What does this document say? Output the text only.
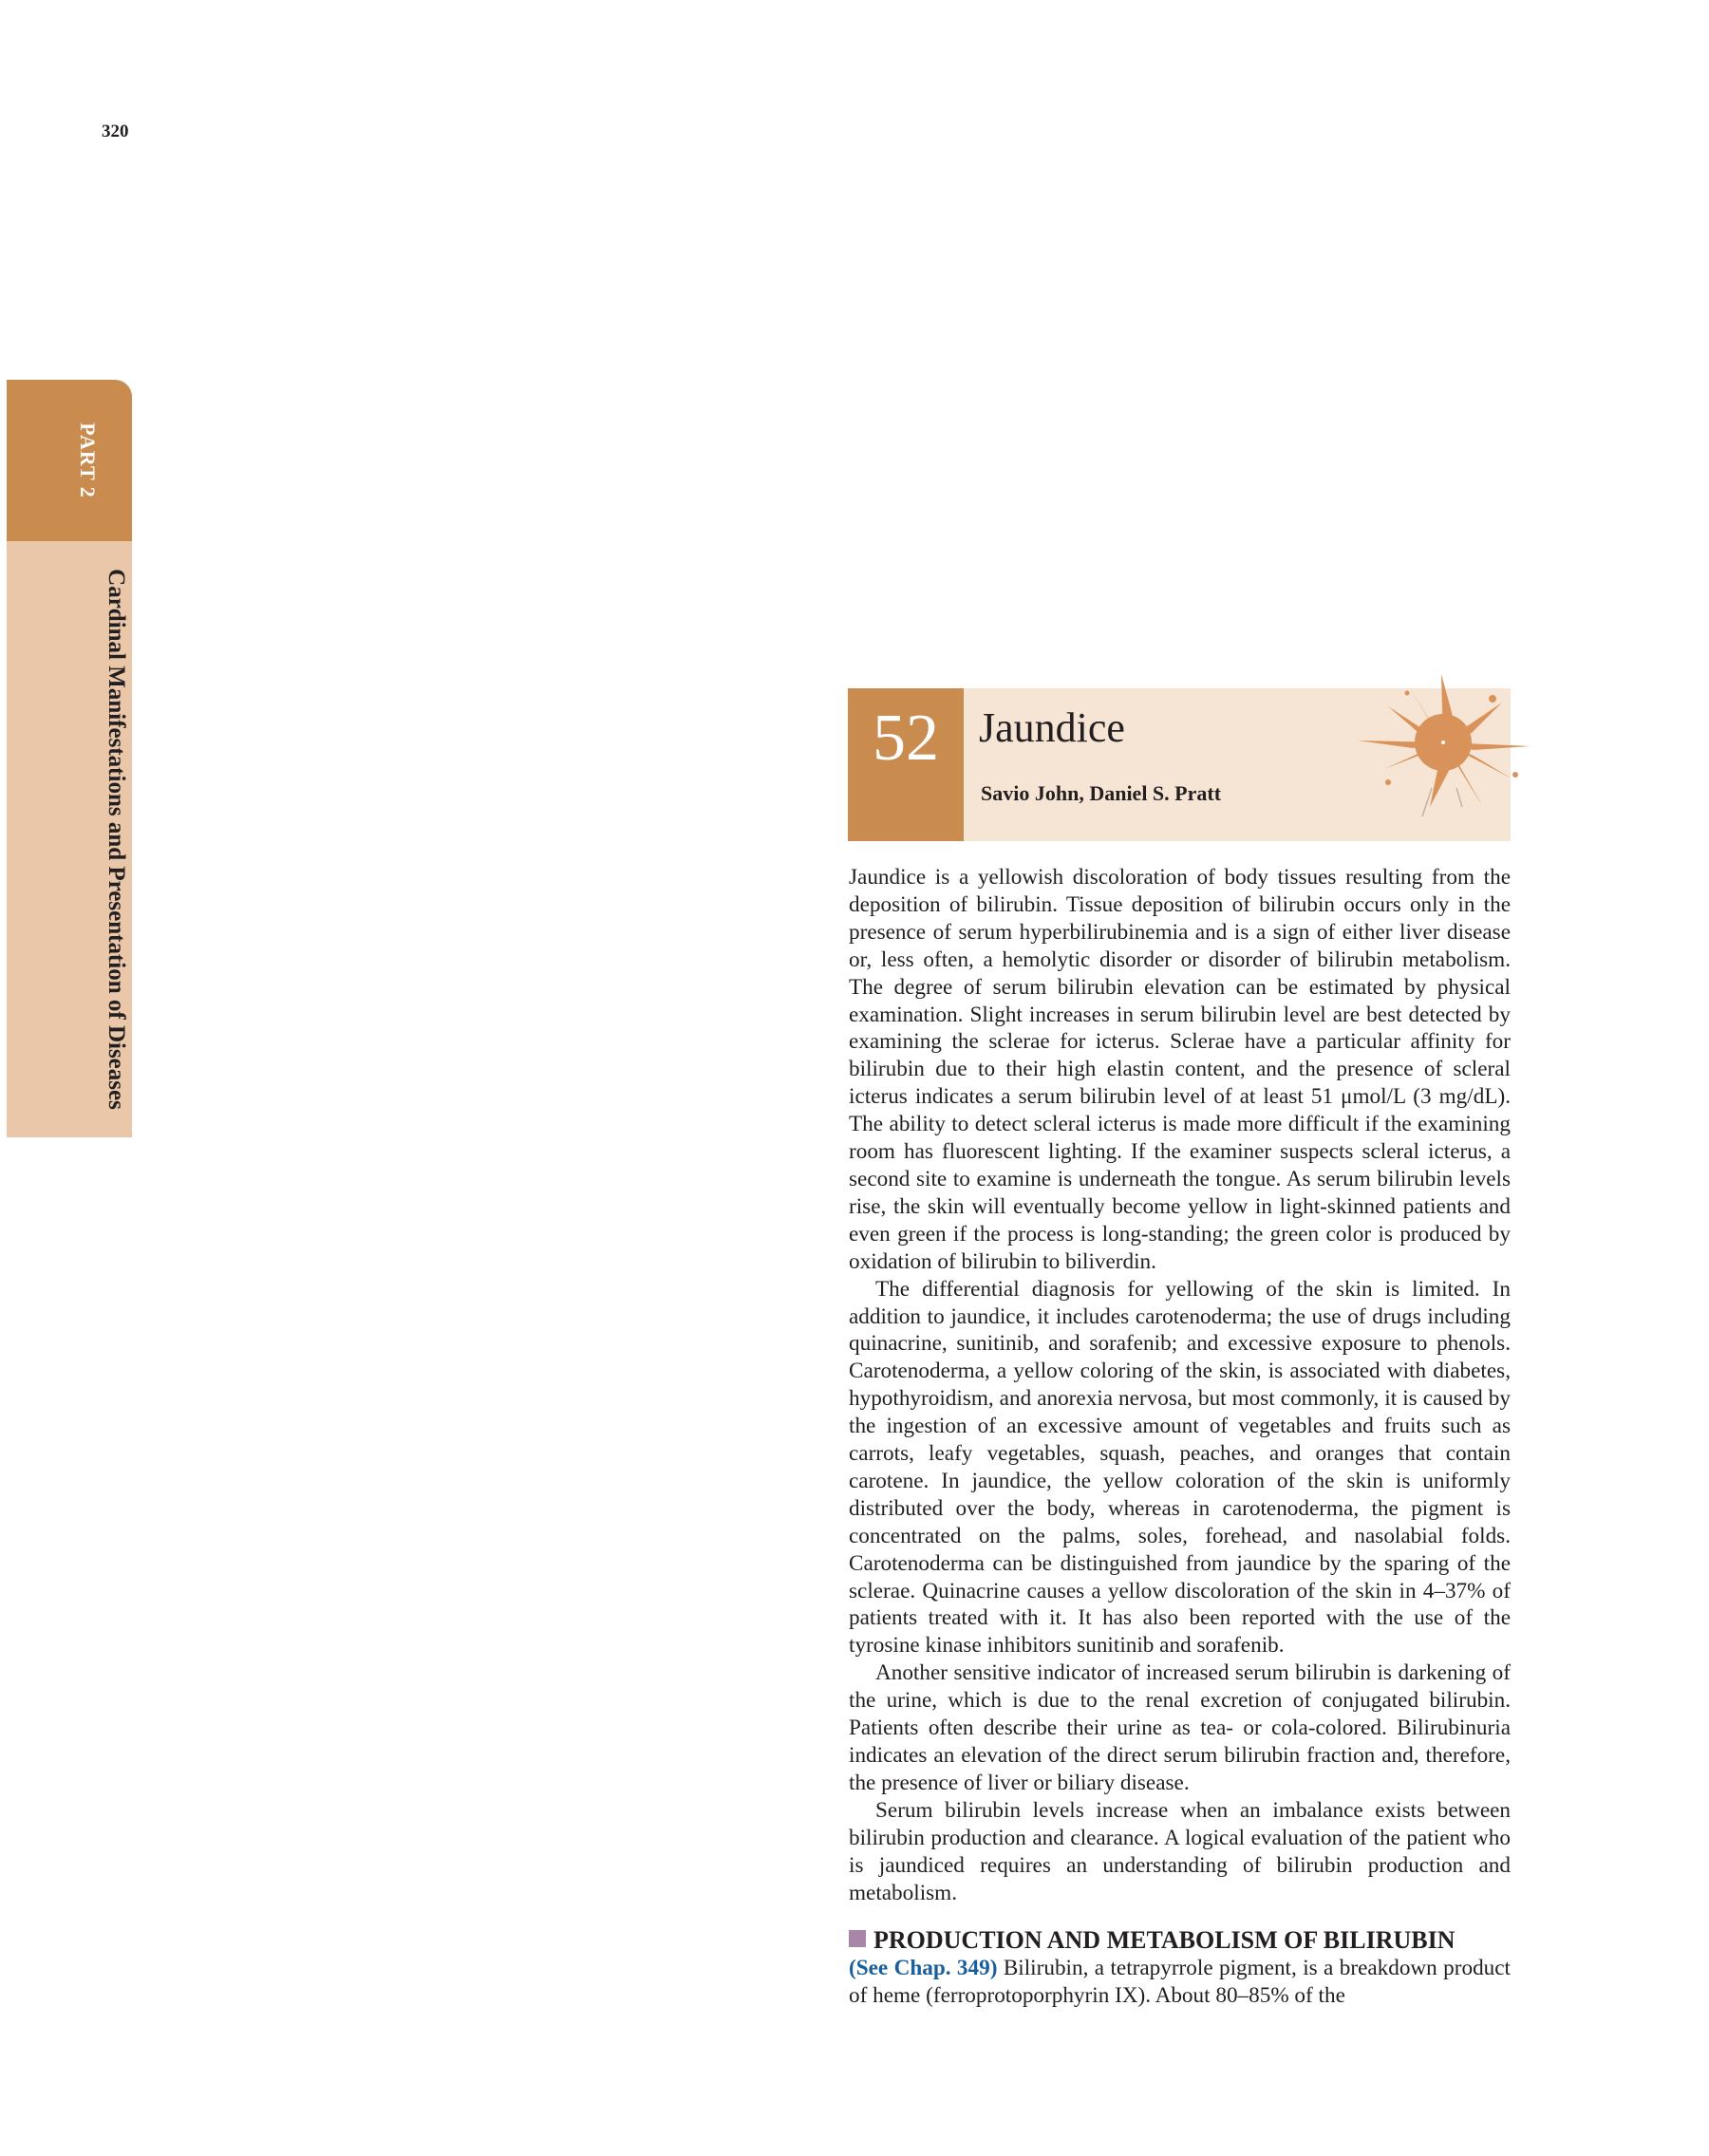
320
PART 2
Cardinal Manifestations and Presentation of Diseases	52 Jaundice
Savio John, Daniel S. Pratt

Jaundice is a yellowish discoloration of body tissues resulting from the deposition of bilirubin. Tissue deposition of bilirubin occurs only in the presence of serum hyperbilirubinemia and is a sign of either liver disease or, less often, a hemolytic disorder or disorder of bilirubin metabolism. The degree of serum bilirubin elevation can be estimated by physical examination. Slight increases in serum bilirubin level are best detected by examining the sclerae for icterus. Sclerae have a particular affinity for bilirubin due to their high elastin content, and the presence of scleral icterus indicates a serum bilirubin level of at least 51 μmol/L (3 mg/dL). The ability to detect scleral icterus is made more difficult if the examining room has fluorescent lighting. If the examiner suspects scleral icterus, a second site to examine is underneath the tongue. As serum bilirubin levels rise, the skin will eventually become yellow in light-skinned patients and even green if the process is long-standing; the green color is produced by oxidation of bilirubin to biliverdin.

The differential diagnosis for yellowing of the skin is limited. In addition to jaundice, it includes carotenoderma; the use of drugs including quinacrine, sunitinib, and sorafenib; and excessive exposure to phenols. Carotenoderma, a yellow coloring of the skin, is associated with diabetes, hypothyroidism, and anorexia nervosa, but most commonly, it is caused by the ingestion of an excessive amount of vegetables and fruits such as carrots, leafy vegetables, squash, peaches, and oranges that contain carotene. In jaundice, the yellow coloration of the skin is uniformly distributed over the body, whereas in carotenoderma, the pigment is concentrated on the palms, soles, forehead, and nasolabial folds. Carotenoderma can be distinguished from jaundice by the sparing of the sclerae. Quinacrine causes a yellow discoloration of the skin in 4–37% of patients treated with it. It has also been reported with the use of the tyrosine kinase inhibitors sunitinib and sorafenib.

Another sensitive indicator of increased serum bilirubin is darkening of the urine, which is due to the renal excretion of conjugated bilirubin. Patients often describe their urine as tea- or cola-colored. Bilirubinuria indicates an elevation of the direct serum bilirubin fraction and, therefore, the presence of liver or biliary disease.

Serum bilirubin levels increase when an imbalance exists between bilirubin production and clearance. A logical evaluation of the patient who is jaundiced requires an understanding of bilirubin production and metabolism.

PRODUCTION AND METABOLISM OF BILIRUBIN

(See Chap. 349) Bilirubin, a tetrapyrrole pigment, is a breakdown product of heme (ferroprotoporphyrin IX). About 80–85% of the
